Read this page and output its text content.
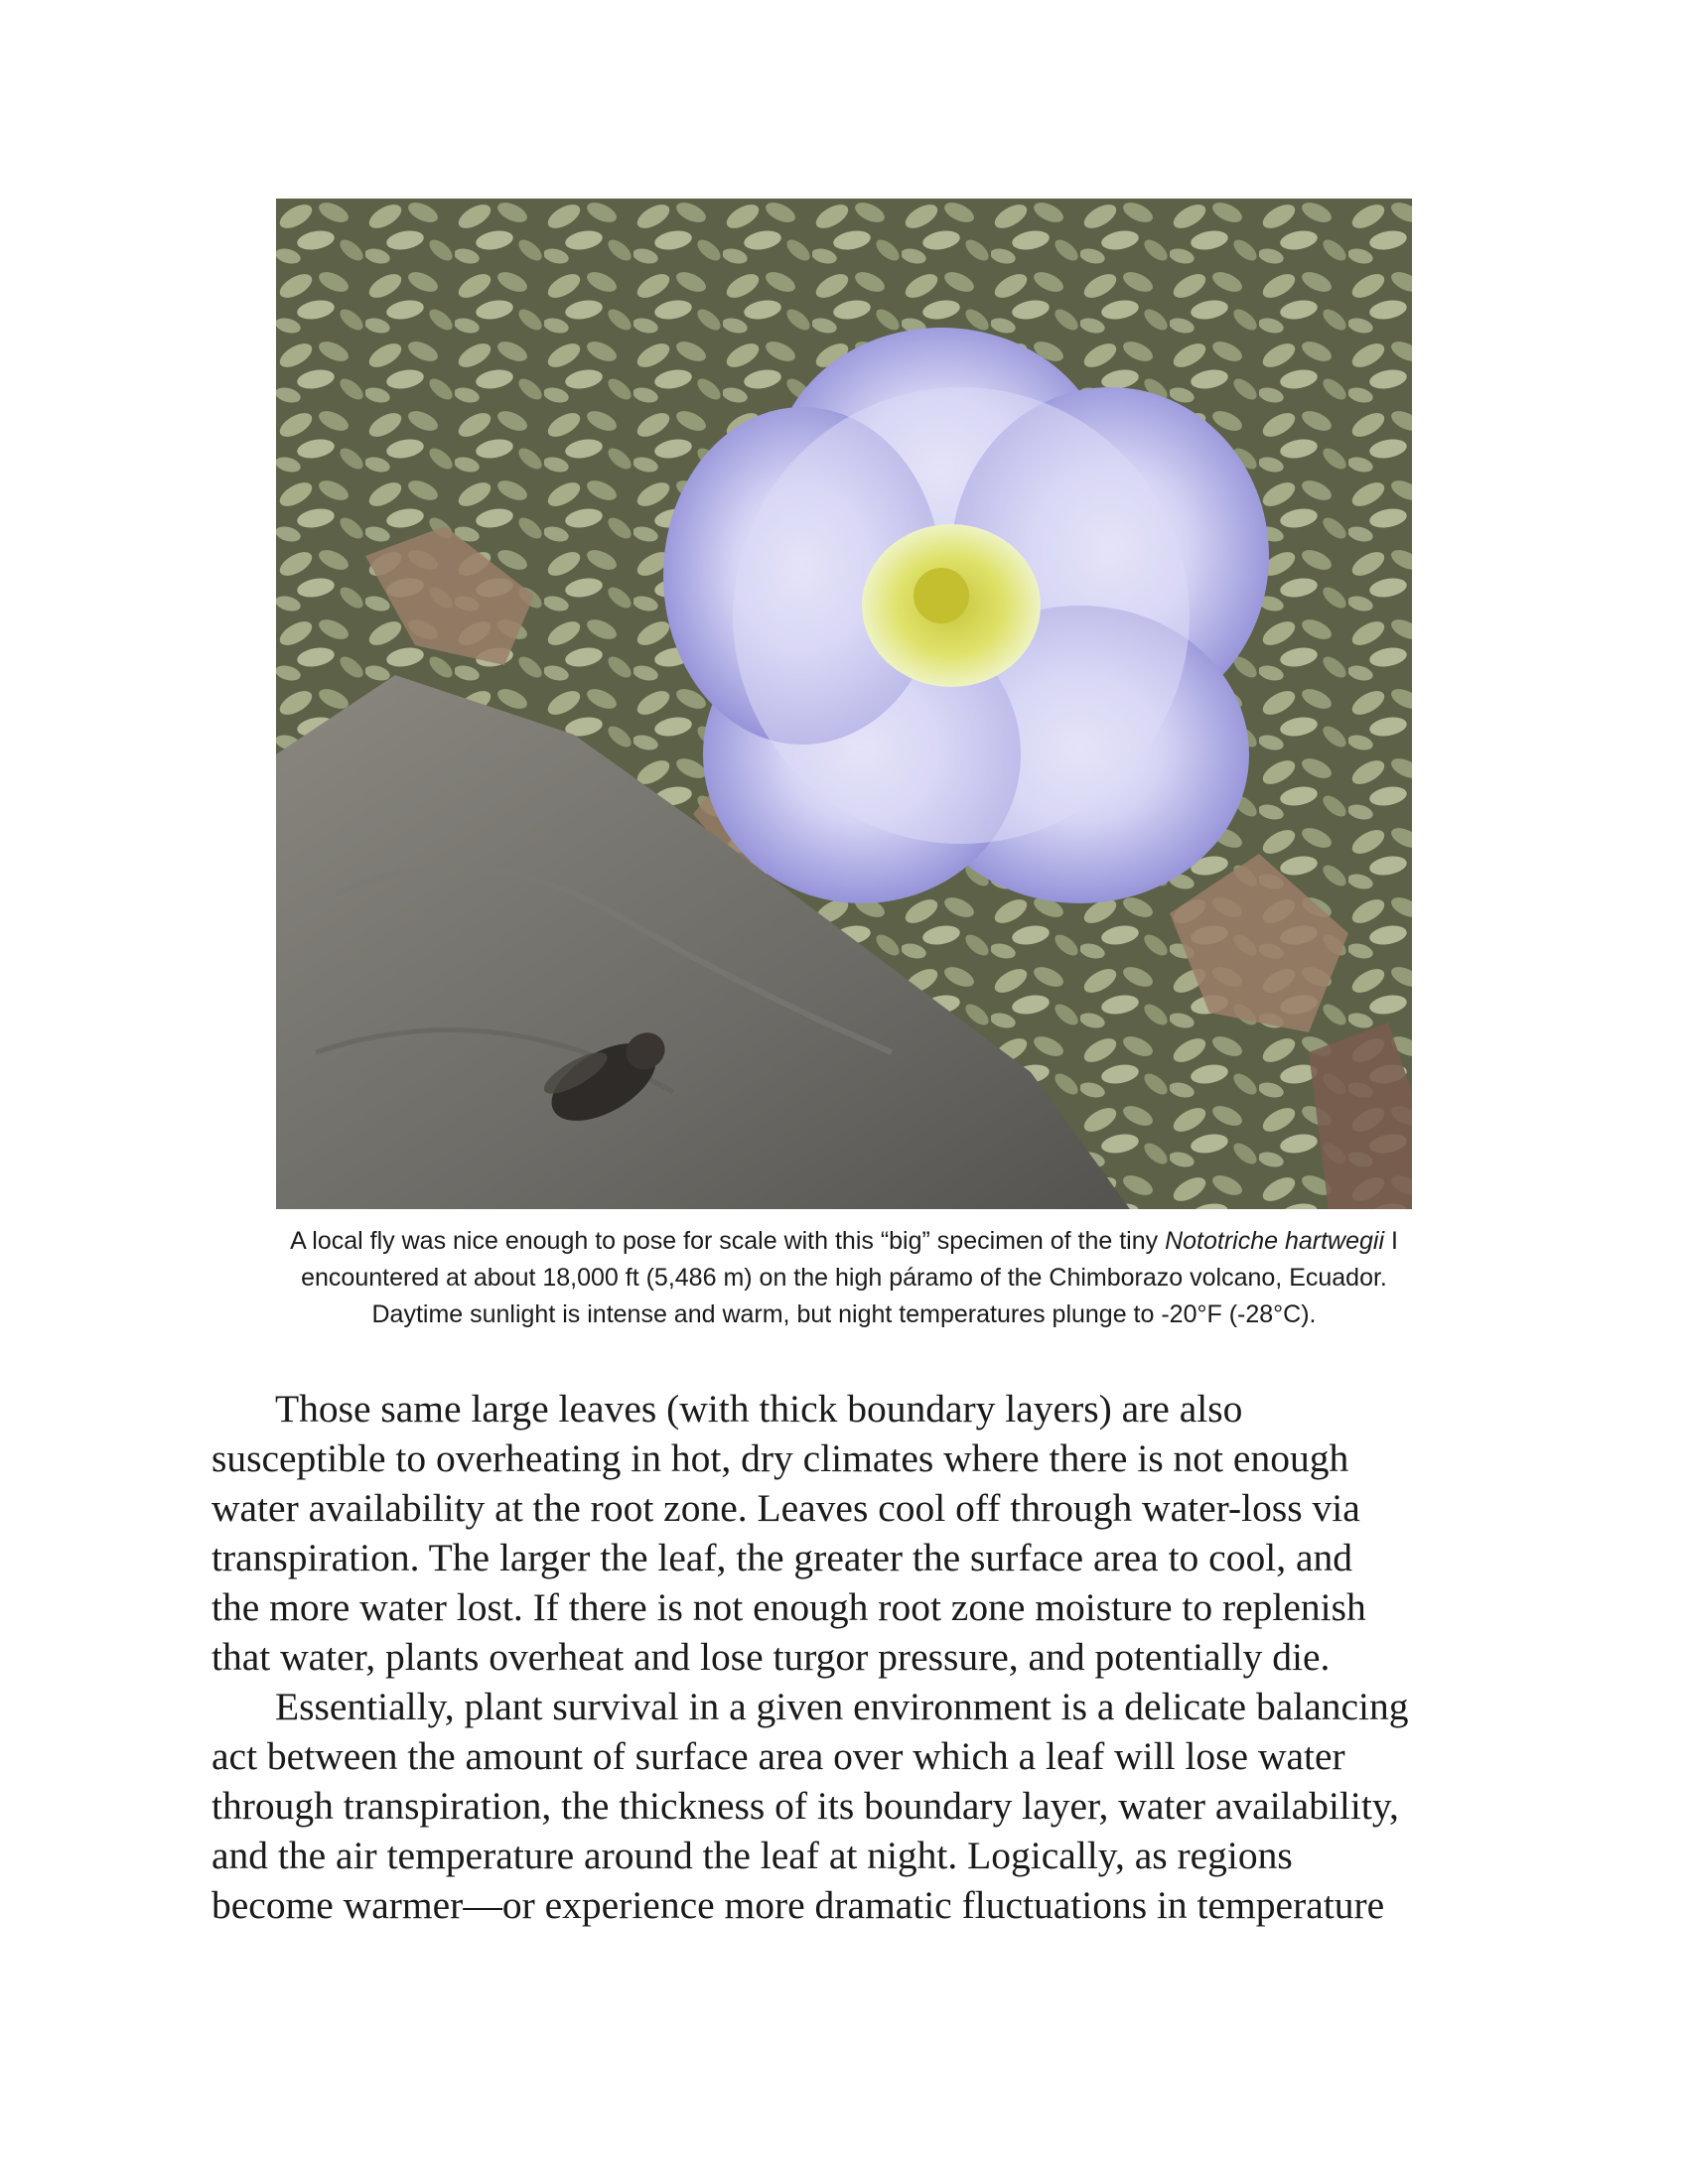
A local fly was nice enough to pose for scale with this “big” specimen of the tiny Nototriche hartwegii I
encountered at about 18,000 ft (5,486 m) on the high páramo of the Chimborazo volcano, Ecuador.
Daytime sunlight is intense and warm, but night temperatures plunge to -20°F (-28°C).
Those same large leaves (with thick boundary layers) are also
susceptible to overheating in hot, dry climates where there is not enough
water availability at the root zone. Leaves cool off through water-loss via
transpiration. The larger the leaf, the greater the surface area to cool, and
the more water lost. If there is not enough root zone moisture to replenish
that water, plants overheat and lose turgor pressure, and potentially die.
Essentially, plant survival in a given environment is a delicate balancing
act between the amount of surface area over which a leaf will lose water
through transpiration, the thickness of its boundary layer, water availability,
and the air temperature around the leaf at night. Logically, as regions
become warmer—or experience more dramatic fluctuations in temperature
